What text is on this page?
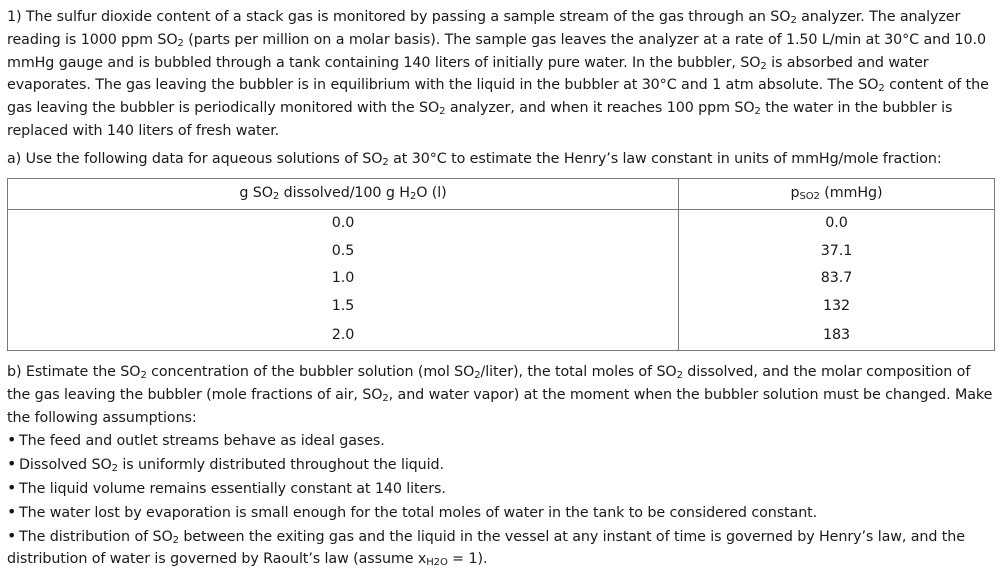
1) The sulfur dioxide content of a stack gas is monitored by passing a sample stream of the gas through an $SO_2$ analyzer. The analyzer reading is 1000 ppm $SO_2$ (parts per million on a molar basis). The sample gas leaves the analyzer at a rate of 1.50 L/min at 30°C and 10.0 mmHg gauge and is bubbled through a tank containing 140 liters of initially pure water. In the bubbler, $SO_2$ is absorbed and water evaporates. The gas leaving the bubbler is in equilibrium with the liquid in the bubbler at 30°C and 1 atm absolute. The $SO_2$ content of the gas leaving the bubbler is periodically monitored with the $SO_2$ analyzer, and when it reaches 100 ppm $SO_2$ the water in the bubbler is replaced with 140 liters of fresh water.

a) Use the following data for aqueous solutions of $SO_2$ at 30°C to estimate the Henry’s law constant in units of mmHg/mole fraction:

g $SO_2$ dissolved/100 g $H_2O$ (l)	$p_{SO2}$ (mmHg)
0.0	0.0
0.5	37.1
1.0	83.7
1.5	132
2.0	183

b) Estimate the $SO_2$ concentration of the bubbler solution (mol $SO_2/liter$), the total moles of $SO_2$ dissolved, and the molar composition of the gas leaving the bubbler (mole fractions of air, $SO_2$, and water vapor) at the moment when the bubbler solution must be changed. Make the following assumptions:

• The feed and outlet streams behave as ideal gases.
• Dissolved $SO_2$ is uniformly distributed throughout the liquid.
• The liquid volume remains essentially constant at 140 liters.
• The water lost by evaporation is small enough for the total moles of water in the tank to be considered constant.
• The distribution of $SO_2$ between the exiting gas and the liquid in the vessel at any instant of time is governed by Henry’s law, and the distribution of water is governed by Raoult’s law (assume $x_{H2O} = 1$).
